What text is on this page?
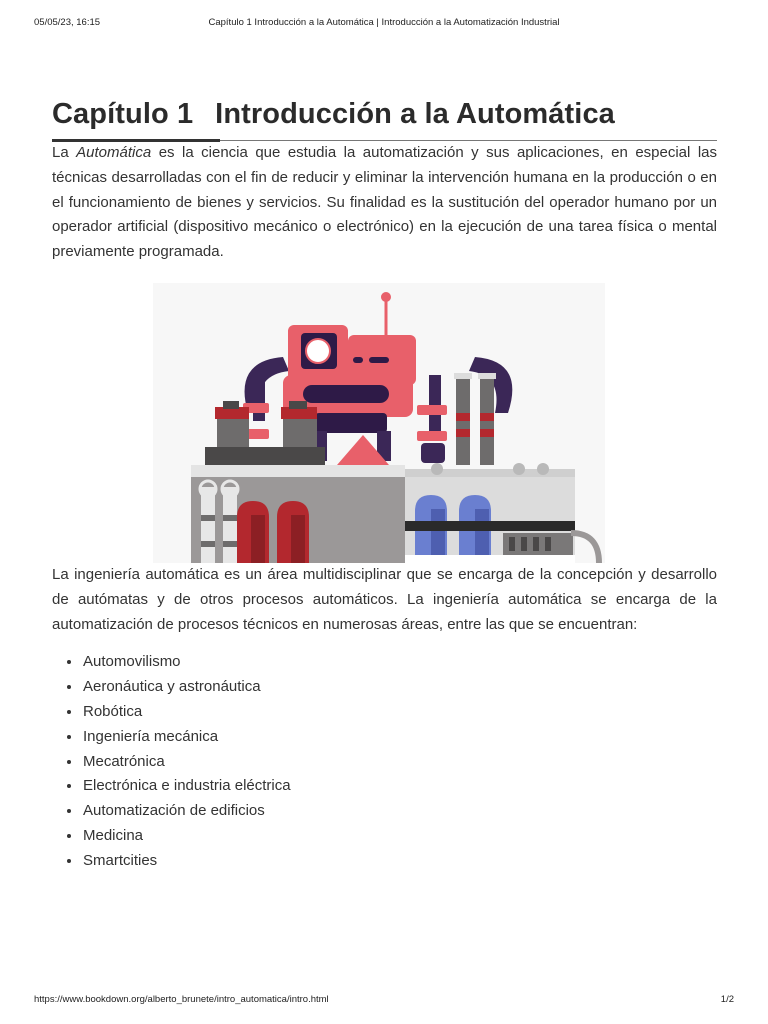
05/05/23, 16:15	Capítulo 1 Introducción a la Automática | Introducción a la Automatización Industrial
Capítulo 1 Introducción a la Automática

La Automática es la ciencia que estudia la automatización y sus aplicaciones, en especial las técnicas desarrolladas con el fin de reducir y eliminar la intervención humana en la producción o en el funcionamiento de bienes y servicios. Su finalidad es la sustitución del operador humano por un operador artificial (dispositivo mecánico o electrónico) en la ejecución de una tarea física o mental previamente programada.

La ingeniería automática es un área multidisciplinar que se encarga de la concepción y desarrollo de autómatas y de otros procesos automáticos. La ingeniería automática se encarga de la automatización de procesos técnicos en numerosas áreas, entre las que se encuentran:

• Automovilismo
• Aeronáutica y astronáutica
• Robótica
• Ingeniería mecánica
• Mecatrónica
• Electrónica e industria eléctrica
• Automatización de edificios
• Medicina
• Smartcities
https://www.bookdown.org/alberto_brunete/intro_automatica/intro.html	1/2
